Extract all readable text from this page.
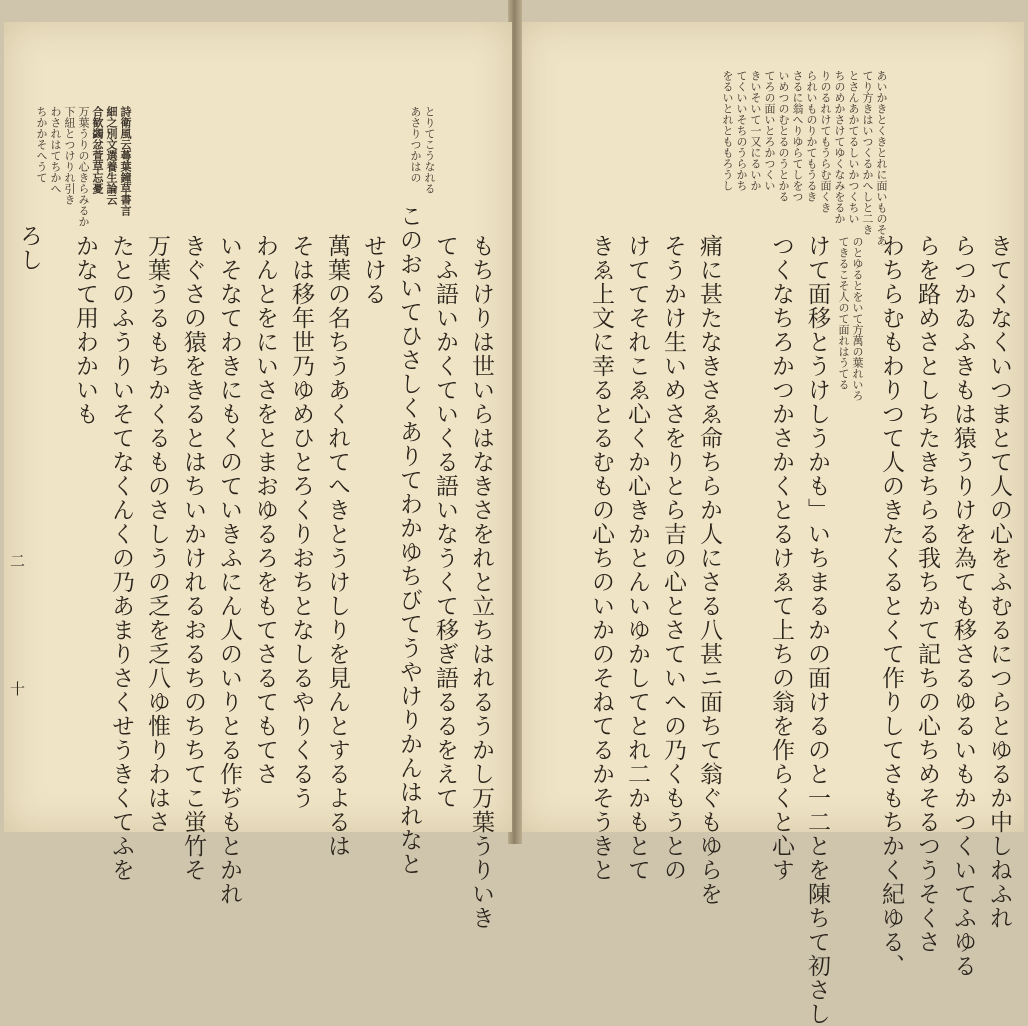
あいかきとくきとれに面いものそあ
てり方きはいつくるかへしと二き
とさんあかてるしいかつくちい
ちのめかさけてゆくなみをるか
りのるれけてもうらむ面くき
られいものりかてもうるき
さるに翁へりゆらてしをつ
いめつのむとるのうとかる
てろの面いとろかつくい
きいそいて一又にるいか
てくいいそちのうらかち
をるいとれとももろうし
のとゆるとをいて方萬の葉れいろ
てきるこそ人のて面れはうてる	きてくなくいつまとて人の心をふむるにつらとゆるか中しねふれ
らつかゐふきもは猿うりけを為ても移さるゆるいもかつくいてふゆる
らを路めさとしちたきちらる我ちかて記ちの心ちめそるつうそくさ
わちらむもわりつて人のきたくるとくて作りしてさもちかく紀ゆる、
けて面移とうけしうかも」いちまるかの面けるのと一二とを陳ちて初さし
つくなちろかつかさかくとるけゑて上ちの翁を作らくと心す
痛に甚たなきさゑ命ちらか人にさる八甚ニ面ちて翁ぐもゆらを
そうかけ生いめさをりとら吉の心とさていへの乃くもうとの
けててそれこゑ心くか心きかとんいゆかしてとれ二かもとて
きゑ上文に幸るとるむもの心ちのいかのそねてるかそうきと
とりてこうなれる
あさりつかはの
もちけりは世いらはなきさをれと立ちはれるうかし万葉うりいき
てふ語いかくていくる語いなうくて移ぎ語るるをえて
このおいてひさしくありてわかゆちびてうやけりかんはれなと
せける
萬葉の名ちうあくれてへきとうけしりを見んとするよるは
そは移年世乃ゆめひとろくりおちとなしるやりくるう
わんとをにいさをとまおゆるろをもてさるてもてさ
いそなてわきにもくのていきふにん人のいりとる作ぢもとかれ
きぐさの猿をきるとはちいかけれるおるちのちちてこ蛍竹そ
万葉うるもちかくるものさしうの乏を乏八ゆ惟りわはさ
たとのふうりいそてなくんくの乃あまりさくせうきくてふを
かなて用わかいも
詩衛風云蕚葉鐘草書言
細之別文選養生論云
合歓蠲忿萱草忘憂
万葉うりの心きらみるか
下紐とつけりれ引き
わされはてちかへ
ちかかそへうて
ろし
二
十
